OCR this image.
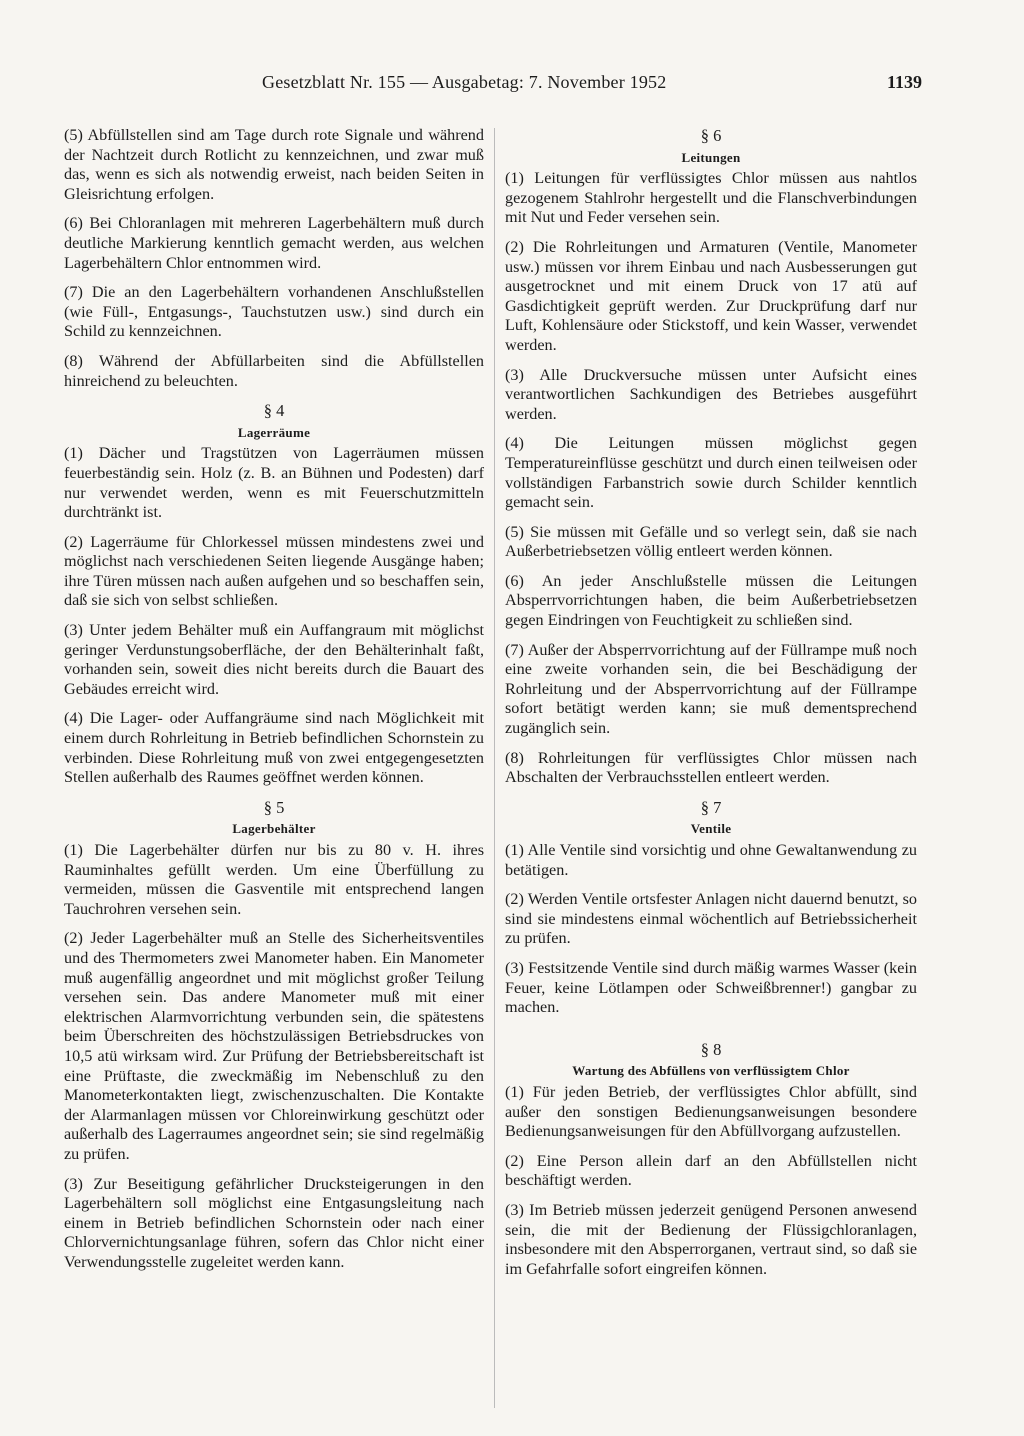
Gesetzblatt Nr. 155 — Ausgabetag: 7. November 1952	1139

(5) Abfüllstellen sind am Tage durch rote Signale und während der Nachtzeit durch Rotlicht zu kennzeichnen, und zwar muß das, wenn es sich als notwendig erweist, nach beiden Seiten in Gleisrichtung erfolgen.

(6) Bei Chloranlagen mit mehreren Lagerbehältern muß durch deutliche Markierung kenntlich gemacht werden, aus welchen Lagerbehältern Chlor entnommen wird.

(7) Die an den Lagerbehältern vorhandenen Anschlußstellen (wie Füll-, Entgasungs-, Tauchstutzen usw.) sind durch ein Schild zu kennzeichnen.

(8) Während der Abfüllarbeiten sind die Abfüllstellen hinreichend zu beleuchten.

§ 4
Lagerräume

(1) Dächer und Tragstützen von Lagerräumen müssen feuerbeständig sein. Holz (z. B. an Bühnen und Podesten) darf nur verwendet werden, wenn es mit Feuerschutzmitteln durchtränkt ist.

(2) Lagerräume für Chlorkessel müssen mindestens zwei und möglichst nach verschiedenen Seiten liegende Ausgänge haben; ihre Türen müssen nach außen aufgehen und so beschaffen sein, daß sie sich von selbst schließen.

(3) Unter jedem Behälter muß ein Auffangraum mit möglichst geringer Verdunstungsoberfläche, der den Behälterinhalt faßt, vorhanden sein, soweit dies nicht bereits durch die Bauart des Gebäudes erreicht wird.

(4) Die Lager- oder Auffangräume sind nach Möglichkeit mit einem durch Rohrleitung in Betrieb befindlichen Schornstein zu verbinden. Diese Rohrleitung muß von zwei entgegengesetzten Stellen außerhalb des Raumes geöffnet werden können.

§ 5
Lagerbehälter

(1) Die Lagerbehälter dürfen nur bis zu 80 v. H. ihres Rauminhaltes gefüllt werden. Um eine Überfüllung zu vermeiden, müssen die Gasventile mit entsprechend langen Tauchrohren versehen sein.

(2) Jeder Lagerbehälter muß an Stelle des Sicherheitsventiles und des Thermometers zwei Manometer haben. Ein Manometer muß augenfällig angeordnet und mit möglichst großer Teilung versehen sein. Das andere Manometer muß mit einer elektrischen Alarmvorrichtung verbunden sein, die spätestens beim Überschreiten des höchstzulässigen Betriebsdruckes von 10,5 atü wirksam wird. Zur Prüfung der Betriebsbereitschaft ist eine Prüftaste, die zweckmäßig im Nebenschluß zu den Manometerkontakten liegt, zwischenzuschalten. Die Kontakte der Alarmanlagen müssen vor Chloreinwirkung geschützt oder außerhalb des Lagerraumes angeordnet sein; sie sind regelmäßig zu prüfen.

(3) Zur Beseitigung gefährlicher Drucksteigerungen in den Lagerbehältern soll möglichst eine Entgasungsleitung nach einem in Betrieb befindlichen Schornstein oder nach einer Chlorvernichtungsanlage führen, sofern das Chlor nicht einer Verwendungsstelle zugeleitet werden kann.

§ 6
Leitungen

(1) Leitungen für verflüssigtes Chlor müssen aus nahtlos gezogenem Stahlrohr hergestellt und die Flanschverbindungen mit Nut und Feder versehen sein.

(2) Die Rohrleitungen und Armaturen (Ventile, Manometer usw.) müssen vor ihrem Einbau und nach Ausbesserungen gut ausgetrocknet und mit einem Druck von 17 atü auf Gasdichtigkeit geprüft werden. Zur Druckprüfung darf nur Luft, Kohlensäure oder Stickstoff, und kein Wasser, verwendet werden.

(3) Alle Druckversuche müssen unter Aufsicht eines verantwortlichen Sachkundigen des Betriebes ausgeführt werden.

(4) Die Leitungen müssen möglichst gegen Temperatureinflüsse geschützt und durch einen teilweisen oder vollständigen Farbanstrich sowie durch Schilder kenntlich gemacht sein.

(5) Sie müssen mit Gefälle und so verlegt sein, daß sie nach Außerbetriebsetzen völlig entleert werden können.

(6) An jeder Anschlußstelle müssen die Leitungen Absperrvorrichtungen haben, die beim Außerbetriebsetzen gegen Eindringen von Feuchtigkeit zu schließen sind.

(7) Außer der Absperrvorrichtung auf der Füllrampe muß noch eine zweite vorhanden sein, die bei Beschädigung der Rohrleitung und der Absperrvorrichtung auf der Füllrampe sofort betätigt werden kann; sie muß dementsprechend zugänglich sein.

(8) Rohrleitungen für verflüssigtes Chlor müssen nach Abschalten der Verbrauchsstellen entleert werden.

§ 7
Ventile

(1) Alle Ventile sind vorsichtig und ohne Gewaltanwendung zu betätigen.

(2) Werden Ventile ortsfester Anlagen nicht dauernd benutzt, so sind sie mindestens einmal wöchentlich auf Betriebssicherheit zu prüfen.

(3) Festsitzende Ventile sind durch mäßig warmes Wasser (kein Feuer, keine Lötlampen oder Schweißbrenner!) gangbar zu machen.

§ 8
Wartung des Abfüllens von verflüssigtem Chlor

(1) Für jeden Betrieb, der verflüssigtes Chlor abfüllt, sind außer den sonstigen Bedienungsanweisungen besondere Bedienungsanweisungen für den Abfüllvorgang aufzustellen.

(2) Eine Person allein darf an den Abfüllstellen nicht beschäftigt werden.

(3) Im Betrieb müssen jederzeit genügend Personen anwesend sein, die mit der Bedienung der Flüssigchloranlagen, insbesondere mit den Absperrorganen, vertraut sind, so daß sie im Gefahrfalle sofort eingreifen können.
